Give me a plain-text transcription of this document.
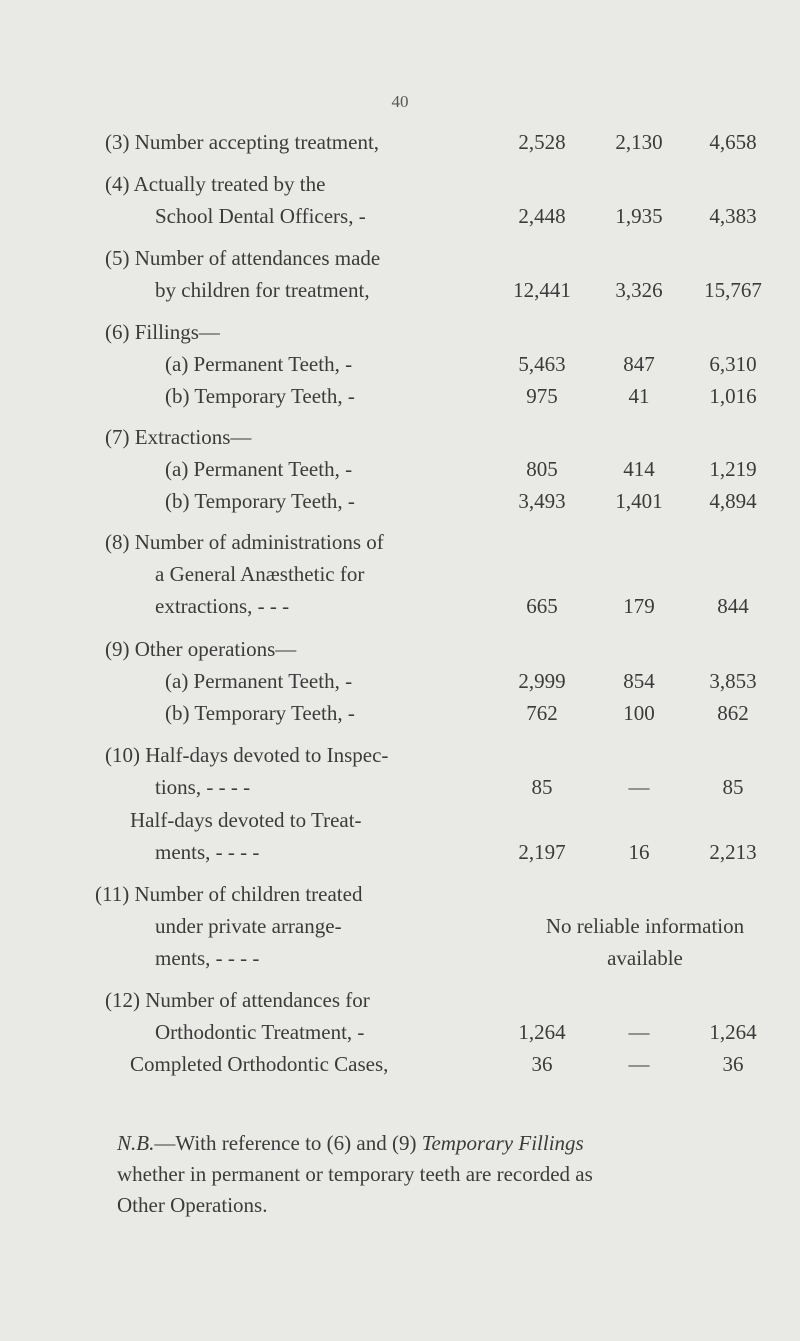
40
(3) Number accepting treatment,	2,528	2,130	4,658
(4) Actually treated by the
School Dental Officers, -	2,448	1,935	4,383
(5) Number of attendances made
by children for treatment,	12,441	3,326	15,767
(6) Fillings—
(a) Permanent Teeth, -	5,463	847	6,310
(b) Temporary Teeth, -	975	41	1,016
(7) Extractions—
(a) Permanent Teeth, -	805	414	1,219
(b) Temporary Teeth, -	3,493	1,401	4,894
(8) Number of administrations of
a General Anæsthetic for
extractions, - - -	665	179	844
(9) Other operations—
(a) Permanent Teeth, -	2,999	854	3,853
(b) Temporary Teeth, -	762	100	862
(10) Half-days devoted to Inspec-
tions, - - - -	85	—	85
Half-days devoted to Treat-
ments, - - - -	2,197	16	2,213
(11) Number of children treated
under private arrange-	No reliable information
ments, - - - -	available
(12) Number of attendances for
Orthodontic Treatment, -	1,264	—	1,264
Completed Orthodontic Cases,	36	—	36
N.B.—With reference to (6) and (9) Temporary Fillings
whether in permanent or temporary teeth are recorded as
Other Operations.
